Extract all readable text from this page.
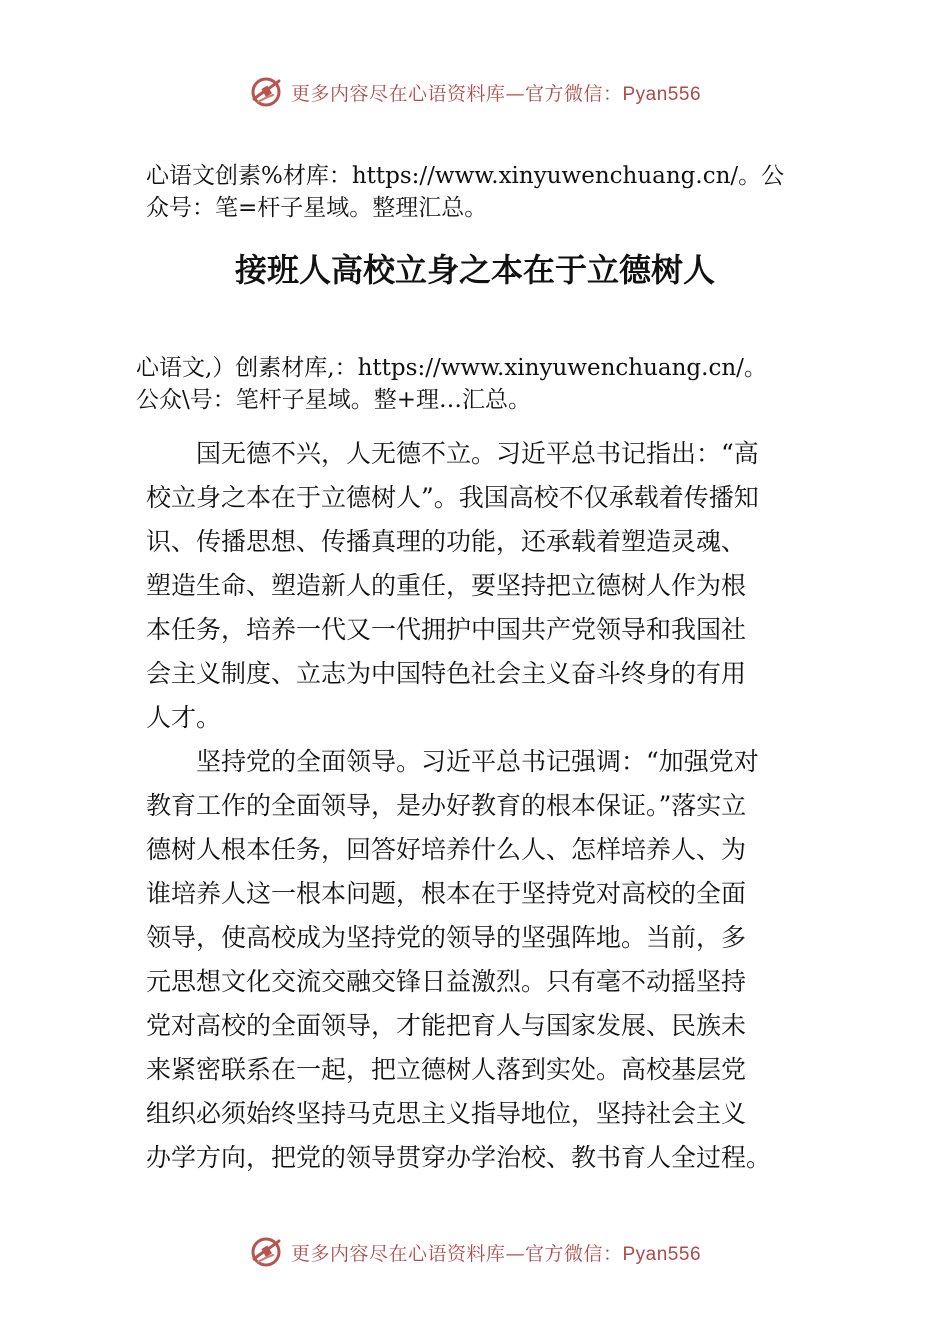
更多内容尽在心语资料库—官方微信：Pyan556
心语文创素%材库：https://www.xinyuwenchuang.cn/。公
众号：笔=杆子星域。整理汇总。
接班人高校立身之本在于立德树人
心语文,）创素材库,：https://www.xinyuwenchuang.cn/。
公众\号：笔杆子星域。整+理…汇总。
　　国无德不兴，人无德不立。习近平总书记指出：“高
校立身之本在于立德树人”。我国高校不仅承载着传播知
识、传播思想、传播真理的功能，还承载着塑造灵魂、
塑造生命、塑造新人的重任，要坚持把立德树人作为根
本任务，培养一代又一代拥护中国共产党领导和我国社
会主义制度、立志为中国特色社会主义奋斗终身的有用
人才。
　　坚持党的全面领导。习近平总书记强调：“加强党对
教育工作的全面领导，是办好教育的根本保证。”落实立
德树人根本任务，回答好培养什么人、怎样培养人、为
谁培养人这一根本问题，根本在于坚持党对高校的全面
领导，使高校成为坚持党的领导的坚强阵地。当前，多
元思想文化交流交融交锋日益激烈。只有毫不动摇坚持
党对高校的全面领导，才能把育人与国家发展、民族未
来紧密联系在一起，把立德树人落到实处。高校基层党
组织必须始终坚持马克思主义指导地位，坚持社会主义
办学方向，把党的领导贯穿办学治校、教书育人全过程。
更多内容尽在心语资料库—官方微信：Pyan556
